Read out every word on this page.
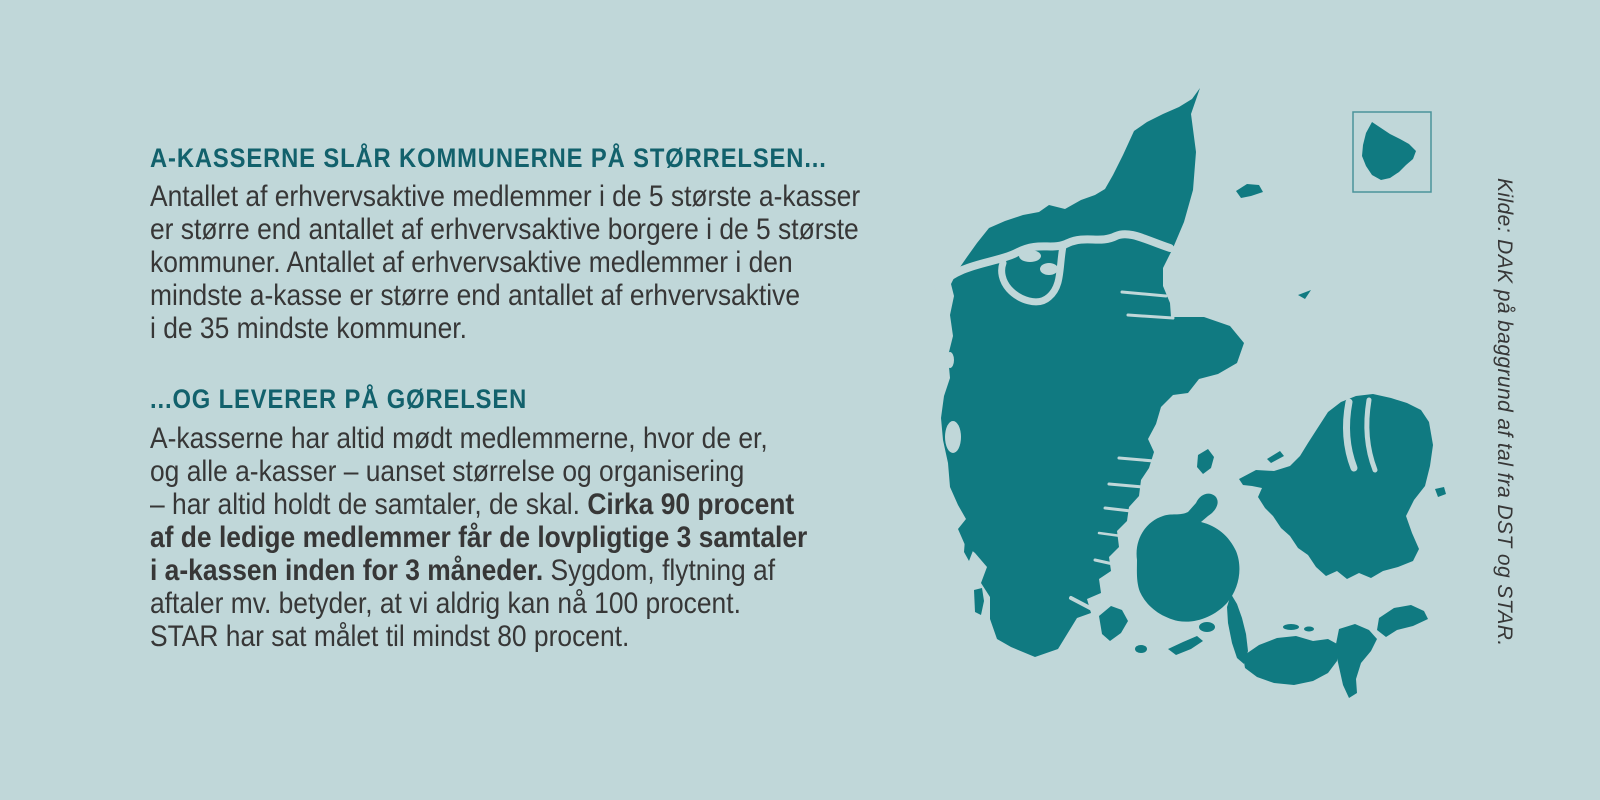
A-KASSERNE SLÅR KOMMUNERNE PÅ STØRRELSEN...
Antallet af erhvervsaktive medlemmer i de 5 største a-kasser
er større end antallet af erhvervsaktive borgere i de 5 største
kommuner. Antallet af erhvervsaktive medlemmer i den
mindste a-kasse er større end antallet af erhvervsaktive
i de 35 mindste kommuner.
...OG LEVERER PÅ GØRELSEN
A-kasserne har altid mødt medlemmerne, hvor de er,
og alle a-kasser – uanset størrelse og organisering
– har altid holdt de samtaler, de skal. Cirka 90 procent
af de ledige medlemmer får de lovpligtige 3 samtaler
i a-kassen inden for 3 måneder. Sygdom, flytning af
aftaler mv. betyder, at vi aldrig kan nå 100 procent.
STAR har sat målet til mindst 80 procent.	Kilde: DAK på baggrund af tal fra DST og STAR.
